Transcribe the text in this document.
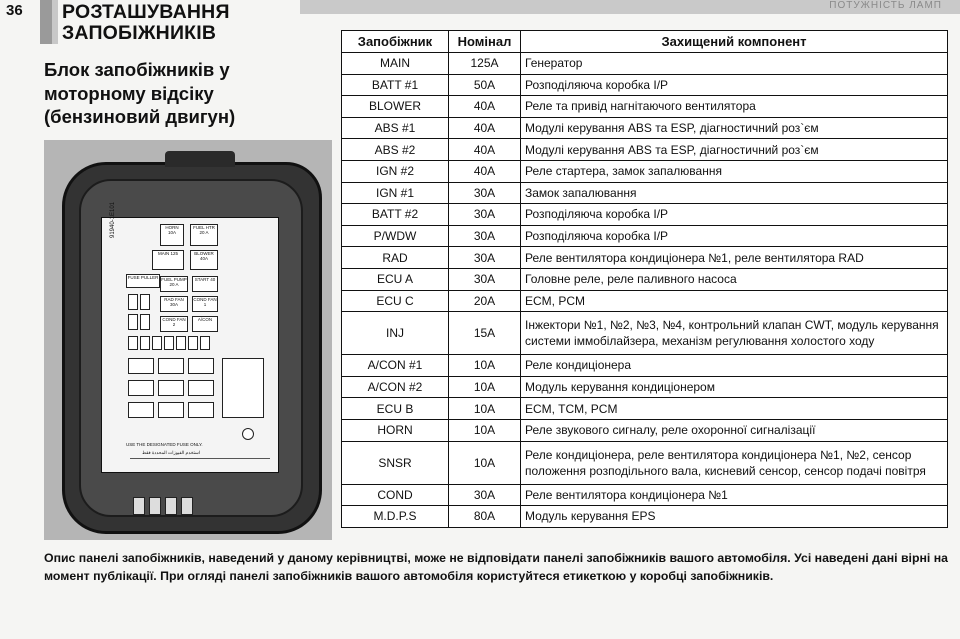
36 РОЗТАШУВАННЯ
ЗАПОБІЖНИКІВ
ПОТУЖНІСТЬ ЛАМП
Блок запобіжників у
моторному відсіку
(бензиновий двигун)
91940-1E101	HORN 10A
FUEL HTR 20 A
MAIN 125	BLOWER 40A
FUSE PULLER FUEL PUMP 20 A
START 40
RAD FAN 30A
COND FAN 1
COND FAN 2
A/CON
USE THE DESIGNATED FUSE ONLY.
استخدم الفيوزات المحددة فقط
Запобіжник	Номінал	Захищений компонент
MAIN	125A	Генератор
BATT #1	50A	Розподіляюча коробка I/P
BLOWER	40A	Реле та привід нагнітаючого вентилятора
ABS #1	40A	Модулі керування ABS та ESP, діагностичний роз`єм
ABS #2	40A	Модулі керування ABS та ESP, діагностичний роз`єм
IGN #2	40A	Реле стартера, замок запалювання
IGN #1	30A	Замок запалювання
BATT #2	30A	Розподіляюча коробка I/P
P/WDW	30A	Розподіляюча коробка I/P
RAD	30A	Реле вентилятора кондиціонера №1, реле вентилятора RAD
ECU A	30A	Головне реле, реле паливного насоса
ECU C	20A	ECM, PCM
INJ	15A	Інжектори №1, №2, №3, №4, контрольний клапан CWT, модуль керування системи іммобілайзера, механізм регулювання холостого ходу
A/CON #1	10A	Реле кондиціонера
A/CON #2	10A	Модуль керування кондиціонером
ECU B	10A	ECM, TCM, PCM
HORN	10A	Реле звукового сигналу, реле охоронної сигналізації
SNSR	10A	Реле кондиціонера, реле вентилятора кондиціонера №1, №2, сенсор положення розподільного вала, кисневий сенсор, сенсор подачі повітря
COND	30A	Реле вентилятора кондиціонера №1
M.D.P.S	80A	Модуль керування EPS
Опис панелі запобіжників, наведений у даному керівництві, може не відповідати панелі запобіжників вашого автомобіля. Усі наведені дані вірні на момент публікації. При огляді панелі запобіжників вашого автомобіля користуйтеся етикеткою у коробці запобіжників.
